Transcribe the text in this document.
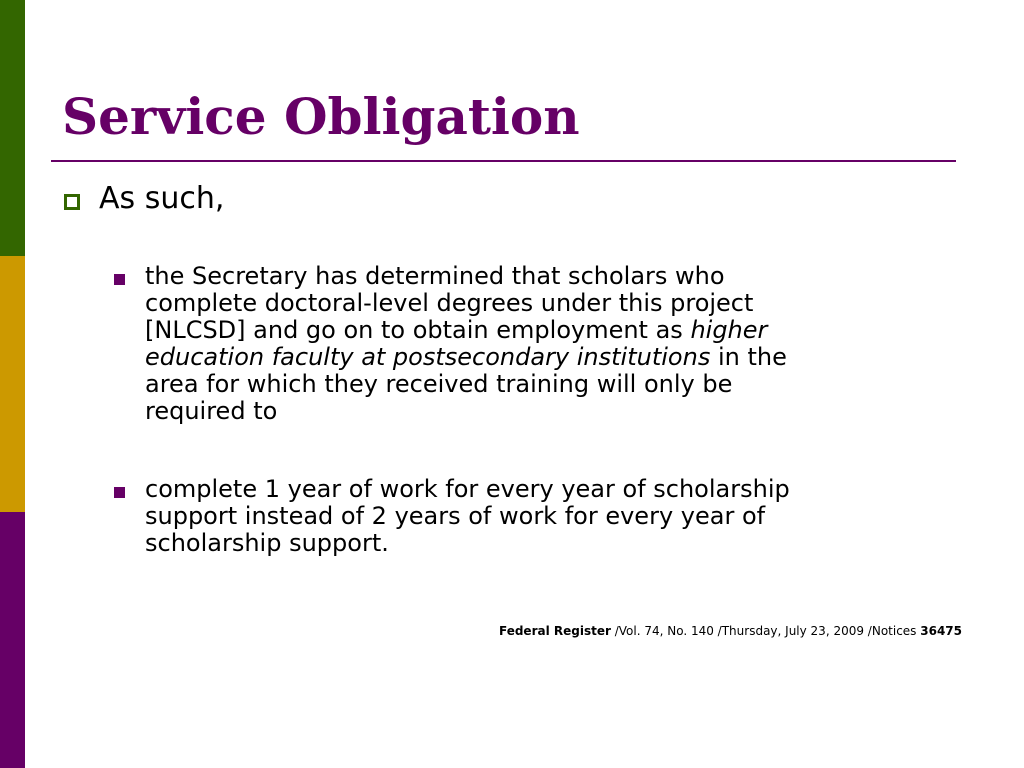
Service Obligation
As such,
the Secretary has determined that scholars who
complete doctoral-level degrees under this project
[NLCSD] and go on to obtain employment as higher
education faculty at postsecondary institutions in the
area for which they received training will only be
required to
complete 1 year of work for every year of scholarship
support instead of 2 years of work for every year of
scholarship support.
Federal Register /Vol. 74, No. 140 /Thursday, July 23, 2009 /Notices 36475
